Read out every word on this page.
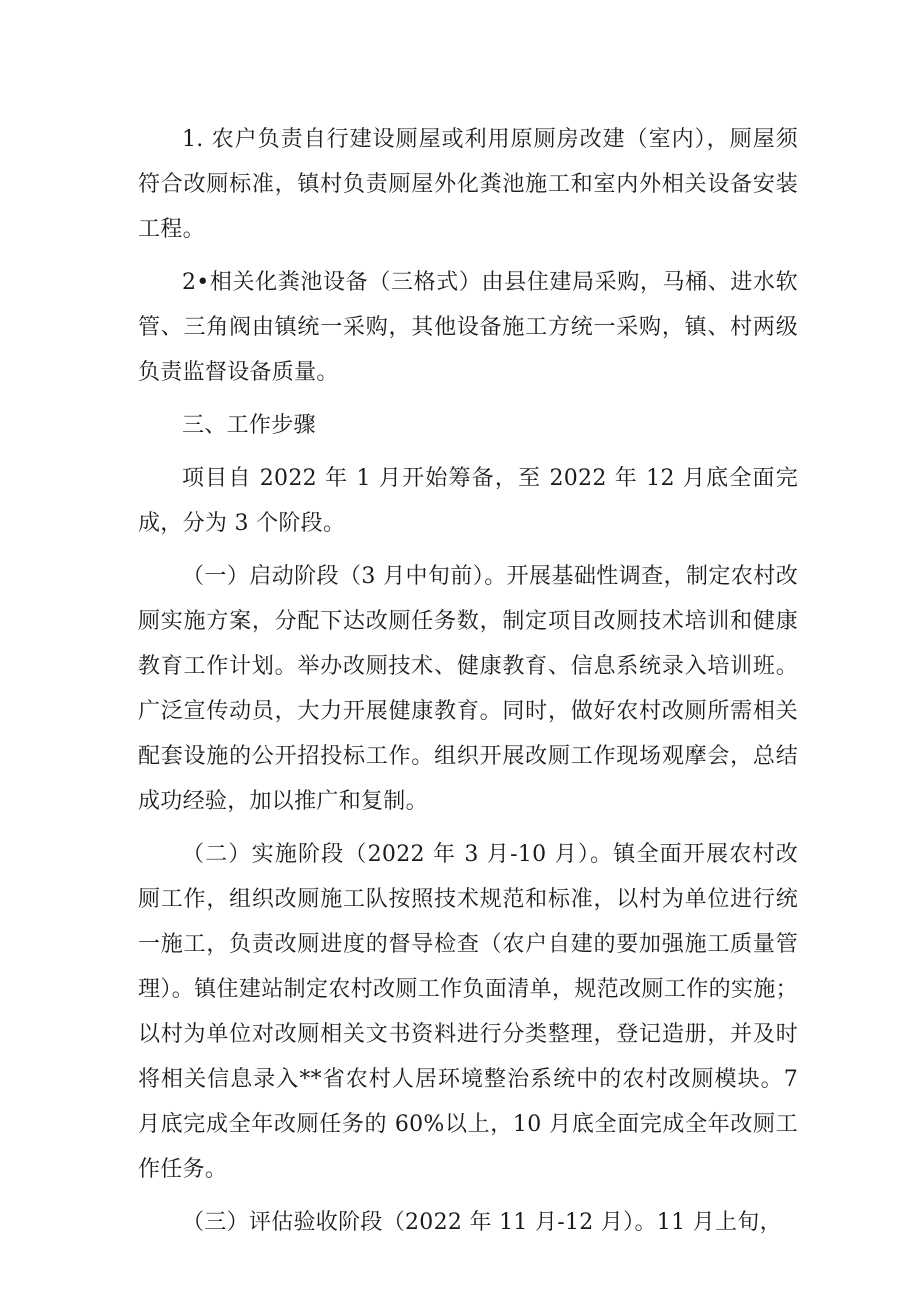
1. 农户负责自行建设厕屋或利用原厕房改建（室内），厕屋须符合改厕标准，镇村负责厕屋外化粪池施工和室内外相关设备安装工程。

2•相关化粪池设备（三格式）由县住建局采购，马桶、进水软管、三角阀由镇统一采购，其他设备施工方统一采购，镇、村两级负责监督设备质量。

三、工作步骤

项目自 2022 年 1 月开始筹备，至 2022 年 12 月底全面完成，分为 3 个阶段。

（一）启动阶段（3 月中旬前）。开展基础性调查，制定农村改厕实施方案，分配下达改厕任务数，制定项目改厕技术培训和健康教育工作计划。举办改厕技术、健康教育、信息系统录入培训班。广泛宣传动员，大力开展健康教育。同时，做好农村改厕所需相关配套设施的公开招投标工作。组织开展改厕工作现场观摩会，总结成功经验，加以推广和复制。

（二）实施阶段（2022 年 3 月-10 月）。镇全面开展农村改厕工作，组织改厕施工队按照技术规范和标准，以村为单位进行统一施工，负责改厕进度的督导检查（农户自建的要加强施工质量管理）。镇住建站制定农村改厕工作负面清单，规范改厕工作的实施；以村为单位对改厕相关文书资料进行分类整理，登记造册，并及时将相关信息录入**省农村人居环境整治系统中的农村改厕模块。7 月底完成全年改厕任务的 60%以上，10 月底全面完成全年改厕工作任务。

（三）评估验收阶段（2022 年 11 月-12 月）。11 月上旬，
